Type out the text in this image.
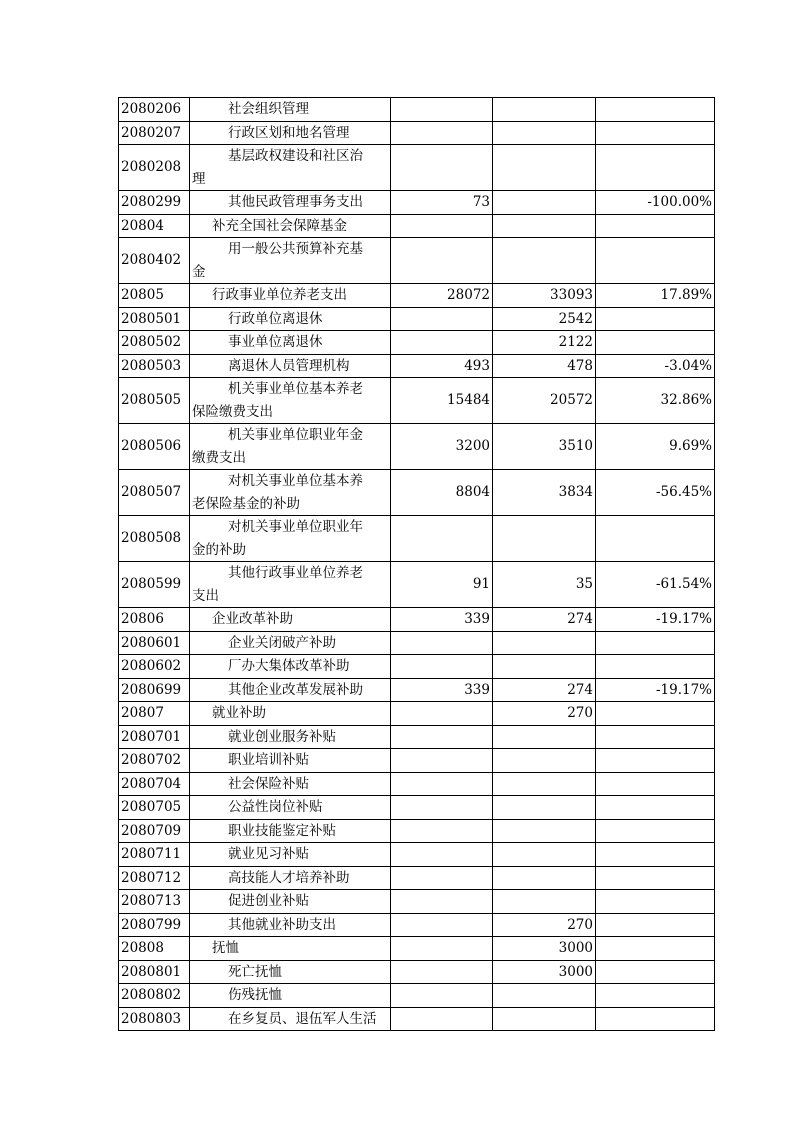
2080206	社会组织管理			
2080207	行政区划和地名管理			
2080208	基层政权建设和社区治
理			
2080299	其他民政管理事务支出	73		-100.00%
20804	补充全国社会保障基金			
2080402	用一般公共预算补充基
金			
20805	行政事业单位养老支出	28072	33093	17.89%
2080501	行政单位离退休		2542	
2080502	事业单位离退休		2122	
2080503	离退休人员管理机构	493	478	-3.04%
2080505	机关事业单位基本养老
保险缴费支出	15484	20572	32.86%
2080506	机关事业单位职业年金
缴费支出	3200	3510	9.69%
2080507	对机关事业单位基本养
老保险基金的补助	8804	3834	-56.45%
2080508	对机关事业单位职业年
金的补助			
2080599	其他行政事业单位养老
支出	91	35	-61.54%
20806	企业改革补助	339	274	-19.17%
2080601	企业关闭破产补助			
2080602	厂办大集体改革补助			
2080699	其他企业改革发展补助	339	274	-19.17%
20807	就业补助		270	
2080701	就业创业服务补贴			
2080702	职业培训补贴			
2080704	社会保险补贴			
2080705	公益性岗位补贴			
2080709	职业技能鉴定补贴			
2080711	就业见习补贴			
2080712	高技能人才培养补助			
2080713	促进创业补贴			
2080799	其他就业补助支出		270	
20808	抚恤		3000	
2080801	死亡抚恤		3000	
2080802	伤残抚恤			
2080803	在乡复员、退伍军人生活			
